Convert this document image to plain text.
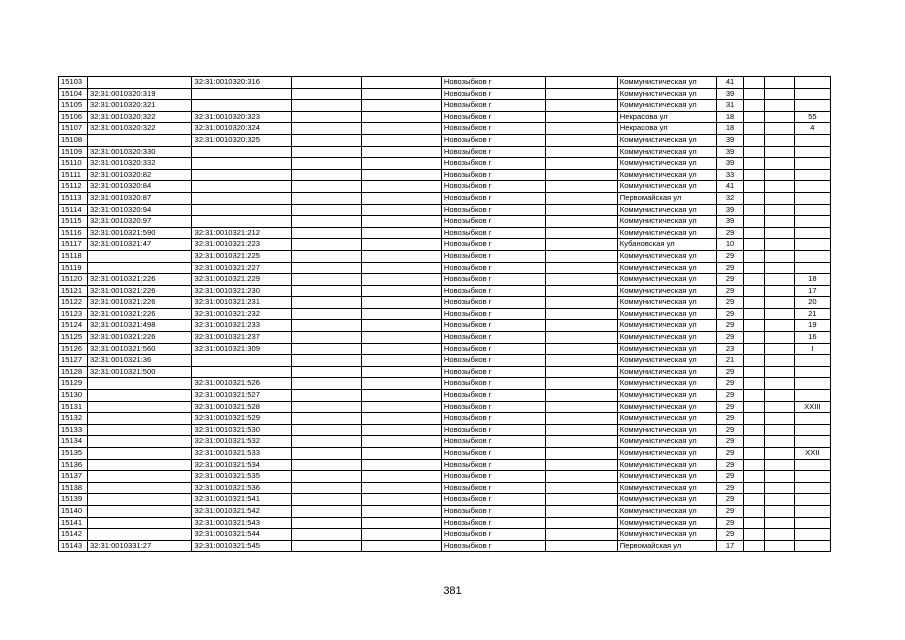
15103		32:31:0010320:316			Новозыбков г		Коммунистическая ул	41			
15104	32:31:0010320:319				Новозыбков г		Коммунистическая ул	39			
15105	32:31:0010320:321				Новозыбков г		Коммунистическая ул	31			
15106	32:31:0010320:322	32:31:0010320:323			Новозыбков г		Некрасова ул	18			55
15107	32:31:0010320:322	32:31:0010320:324			Новозыбков г		Некрасова ул	18			4
15108		32:31:0010320:325			Новозыбков г		Коммунистическая ул	39			
15109	32:31:0010320:330				Новозыбков г		Коммунистическая ул	39			
15110	32:31:0010320:332				Новозыбков г		Коммунистическая ул	39			
15111	32:31:0010320:82				Новозыбков г		Коммунистическая ул	33			
15112	32:31:0010320:84				Новозыбков г		Коммунистическая ул	41			
15113	32:31:0010320:87				Новозыбков г		Первомайская ул	32			
15114	32:31:0010320:94				Новозыбков г		Коммунистическая ул	39			
15115	32:31:0010320:97				Новозыбков г		Коммунистическая ул	39			
15116	32:31:0010321:590	32:31:0010321:212			Новозыбков г		Коммунистическая ул	29			
15117	32:31:0010321:47	32:31:0010321:223			Новозыбков г		Кубановская ул	10			
15118		32:31:0010321:225			Новозыбков г		Коммунистическая ул	29			
15119		32:31:0010321:227			Новозыбков г		Коммунистическая ул	29			
15120	32:31:0010321:226	32:31:0010321:229			Новозыбков г		Коммунистическая ул	29			18
15121	32:31:0010321:226	32:31:0010321:230			Новозыбков г		Коммунистическая ул	29			17
15122	32:31:0010321:226	32:31:0010321:231			Новозыбков г		Коммунистическая ул	29			20
15123	32:31:0010321:226	32:31:0010321:232			Новозыбков г		Коммунистическая ул	29			21
15124	32:31:0010321:498	32:31:0010321:233			Новозыбков г		Коммунистическая ул	29			19
15125	32:31:0010321:226	32:31:0010321:237			Новозыбков г		Коммунистическая ул	29			16
15126	32:31:0010321:560	32:31:0010321:309			Новозыбков г		Коммунистическая ул	23			I
15127	32:31:0010321:36				Новозыбков г		Коммунистическая ул	21			
15128	32:31:0010321:500				Новозыбков г		Коммунистическая ул	29			
15129		32:31:0010321:526			Новозыбков г		Коммунистическая ул	29			
15130		32:31:0010321:527			Новозыбков г		Коммунистическая ул	29			
15131		32:31:0010321:528			Новозыбков г		Коммунистическая ул	29			XXIII
15132		32:31:0010321:529			Новозыбков г		Коммунистическая ул	29			
15133		32:31:0010321:530			Новозыбков г		Коммунистическая ул	29			
15134		32:31:0010321:532			Новозыбков г		Коммунистическая ул	29			
15135		32:31:0010321:533			Новозыбков г		Коммунистическая ул	29			XXII
15136		32:31:0010321:534			Новозыбков г		Коммунистическая ул	29			
15137		32:31:0010321:535			Новозыбков г		Коммунистическая ул	29			
15138		32:31:0010321:536			Новозыбков г		Коммунистическая ул	29			
15139		32:31:0010321:541			Новозыбков г		Коммунистическая ул	29			
15140		32:31:0010321:542			Новозыбков г		Коммунистическая ул	29			
15141		32:31:0010321:543			Новозыбков г		Коммунистическая ул	29			
15142		32:31:0010321:544			Новозыбков г		Коммунистическая ул	29			
15143	32:31:0010331:27	32:31:0010321:545			Новозыбков г		Первомайская ул	17			
381
